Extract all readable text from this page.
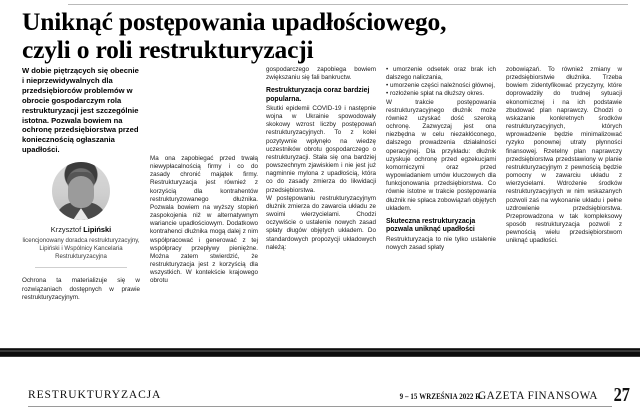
Uniknąć postępowania upadłościowego,
czyli o roli restrukturyzacji

W dobie piętrzących się obecnie i nieprzewidywalnych dla przedsiębiorców problemów w obrocie gospodarczym rola restrukturyzacji jest szczególnie istotna. Pozwala bowiem na ochronę przedsiębiorstwa przed koniecznością ogłaszania upadłości.

Krzysztof Lipiński
licencjonowany doradca restrukturyzacyjny, Lipiński i Wspólnicy Kancelaria Restrukturyzacyjna

Ochrona ta materializuje się w rozwiązaniach dostępnych w prawie restrukturyzacyjnym.

Ma ona zapobiegać przed trwałą niewypłacalnością firmy i co do zasady chronić majątek firmy. Restrukturyzacja jest również z korzyścią dla kontrahentów restrukturyzowanego dłużnika. Pozwala bowiem na wyższy stopień zaspokojenia niż w alternatywnym wariancie upadłościowym. Dodatkowo kontrahenci dłużnika mogą dalej z nim współpracować i generować z tej współpracy przepływy pieniężne. Można zatem stwierdzić, że restrukturyzacja jest z korzyścią dla wszystkich. W kontekście krajowego obrotu

gospodarczego zapobiega bowiem zwiększaniu się fali bankructw.

Restrukturyzacja coraz bardziej popularna.

Skutki epidemii COVID-19 i następnie wojna w Ukrainie spowodowały skokowy wzrost liczby postępowań restrukturyzacyjnych. To z kolei pozytywnie wpłynęło na wiedzę uczestników obrotu gospodarczego o restrukturyzacji. Stała się ona bardziej powszechnym zjawiskiem i nie jest już nagminnie mylona z upadłością, która co do zasady zmierza do likwidacji przedsiębiorstwa.

W postępowaniu restrukturyzacyjnym dłużnik zmierza do zawarcia układu ze swoimi wierzycielami. Chodzi oczywiście o ustalenie nowych zasad spłaty długów objętych układem. Do standardowych propozycji układowych należą:

• umorzenie odsetek oraz brak ich dalszego naliczania,
• umorzenie części należności głównej,
• rozłożenie spłat na dłuższy okres.

W trakcie postępowania restrukturyzacyjnego dłużnik może również uzyskać dość szeroką ochronę. Zazwyczaj jest ona niezbędna w celu niezakłóconego, dalszego prowadzenia działalności operacyjnej. Dla przykładu: dłużnik uzyskuje ochronę przed egzekucjami komorniczymi oraz przed wypowiadaniem umów kluczowych dla funkcjonowania przedsiębiorstwa. Co równie istotne w trakcie postępowania dłużnik nie spłaca zobowiązań objętych układem.

Skuteczna restrukturyzacja pozwala uniknąć upadłości

Restrukturyzacja to nie tylko ustalenie nowych zasad spłaty

zobowiązań. To również zmiany w przedsiębiorstwie dłużnika. Trzeba bowiem zidentyfikować przyczyny, które doprowadziły do trudnej sytuacji ekonomicznej i na ich podstawie zbudować plan naprawczy. Chodzi o wskazanie konkretnych środków restrukturyzacyjnych, których wprowadzenie będzie minimalizować ryzyko ponownej utraty płynności finansowej. Rzetelny plan naprawczy przedsiębiorstwa przedstawiony w planie restrukturyzacyjnym z pewnością będzie pomocny w zawarciu układu z wierzycielami. Wdrożenie środków restrukturyzacyjnych w nim wskazanych pozwoli zaś na wykonanie układu i pełne uzdrowienie przedsiębiorstwa. Przeprowadzona w tak kompleksowy sposób restrukturyzacja pozwoli z pewnością wielu przedsiębiorstwom uniknąć upadłości.

RESTRUKTURYZACJA	9 – 15 WRZEŚNIA 2022 R.
GAZETA FINANSOWA 27
